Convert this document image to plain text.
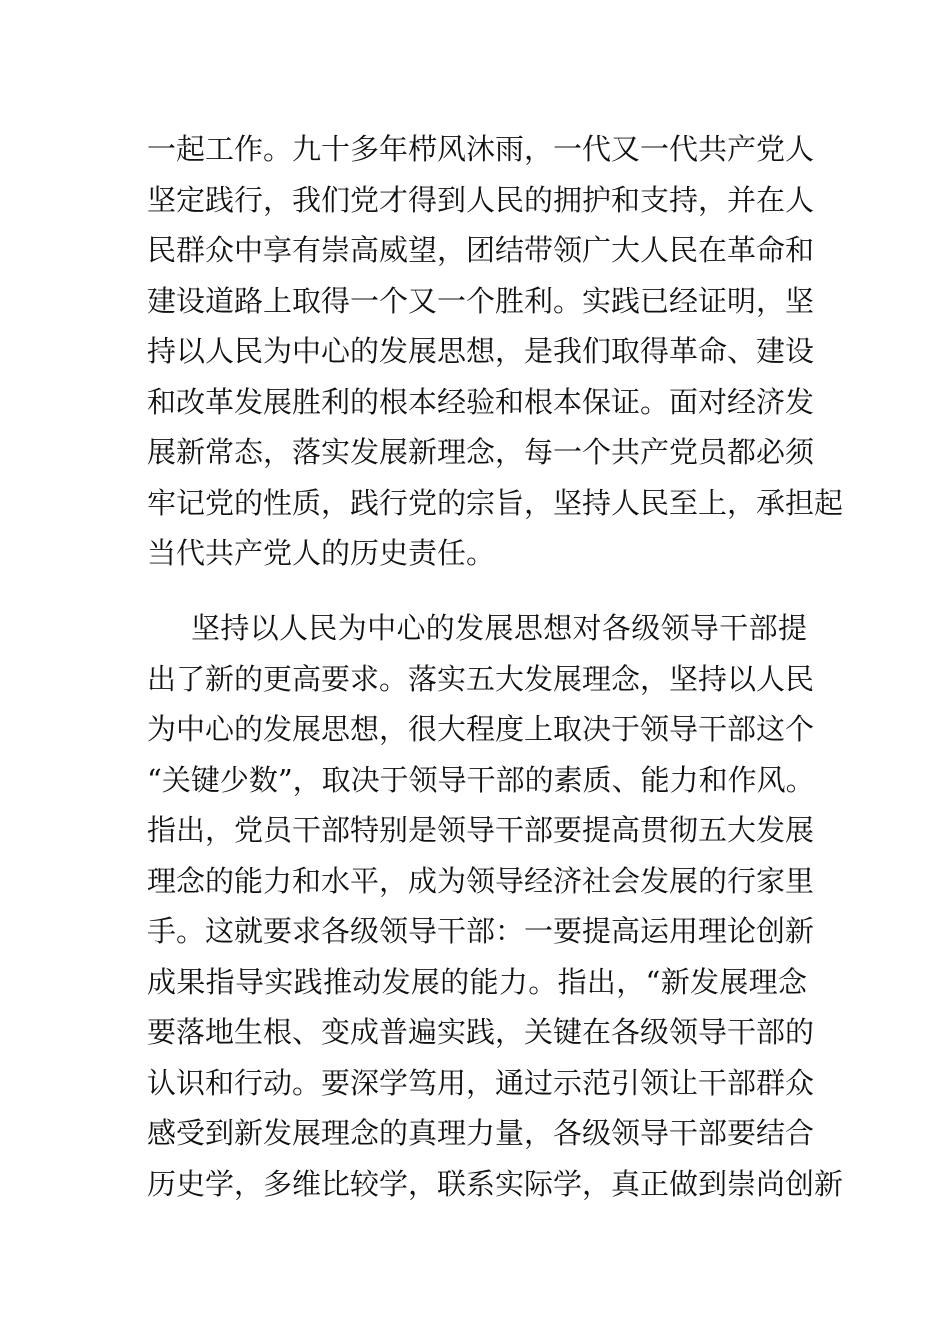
一起工作。九十多年栉风沐雨，一代又一代共产党人
坚定践行，我们党才得到人民的拥护和支持，并在人
民群众中享有崇高威望，团结带领广大人民在革命和
建设道路上取得一个又一个胜利。实践已经证明，坚
持以人民为中心的发展思想，是我们取得革命、建设
和改革发展胜利的根本经验和根本保证。面对经济发
展新常态，落实发展新理念，每一个共产党员都必须
牢记党的性质，践行党的宗旨，坚持人民至上，承担起
当代共产党人的历史责任。
坚持以人民为中心的发展思想对各级领导干部提
出了新的更高要求。落实五大发展理念，坚持以人民
为中心的发展思想，很大程度上取决于领导干部这个
“关键少数”，取决于领导干部的素质、能力和作风。
指出，党员干部特别是领导干部要提高贯彻五大发展
理念的能力和水平，成为领导经济社会发展的行家里
手。这就要求各级领导干部：一要提高运用理论创新
成果指导实践推动发展的能力。指出，“新发展理念
要落地生根、变成普遍实践，关键在各级领导干部的
认识和行动。要深学笃用，通过示范引领让干部群众
感受到新发展理念的真理力量，各级领导干部要结合
历史学，多维比较学，联系实际学，真正做到崇尚创新
